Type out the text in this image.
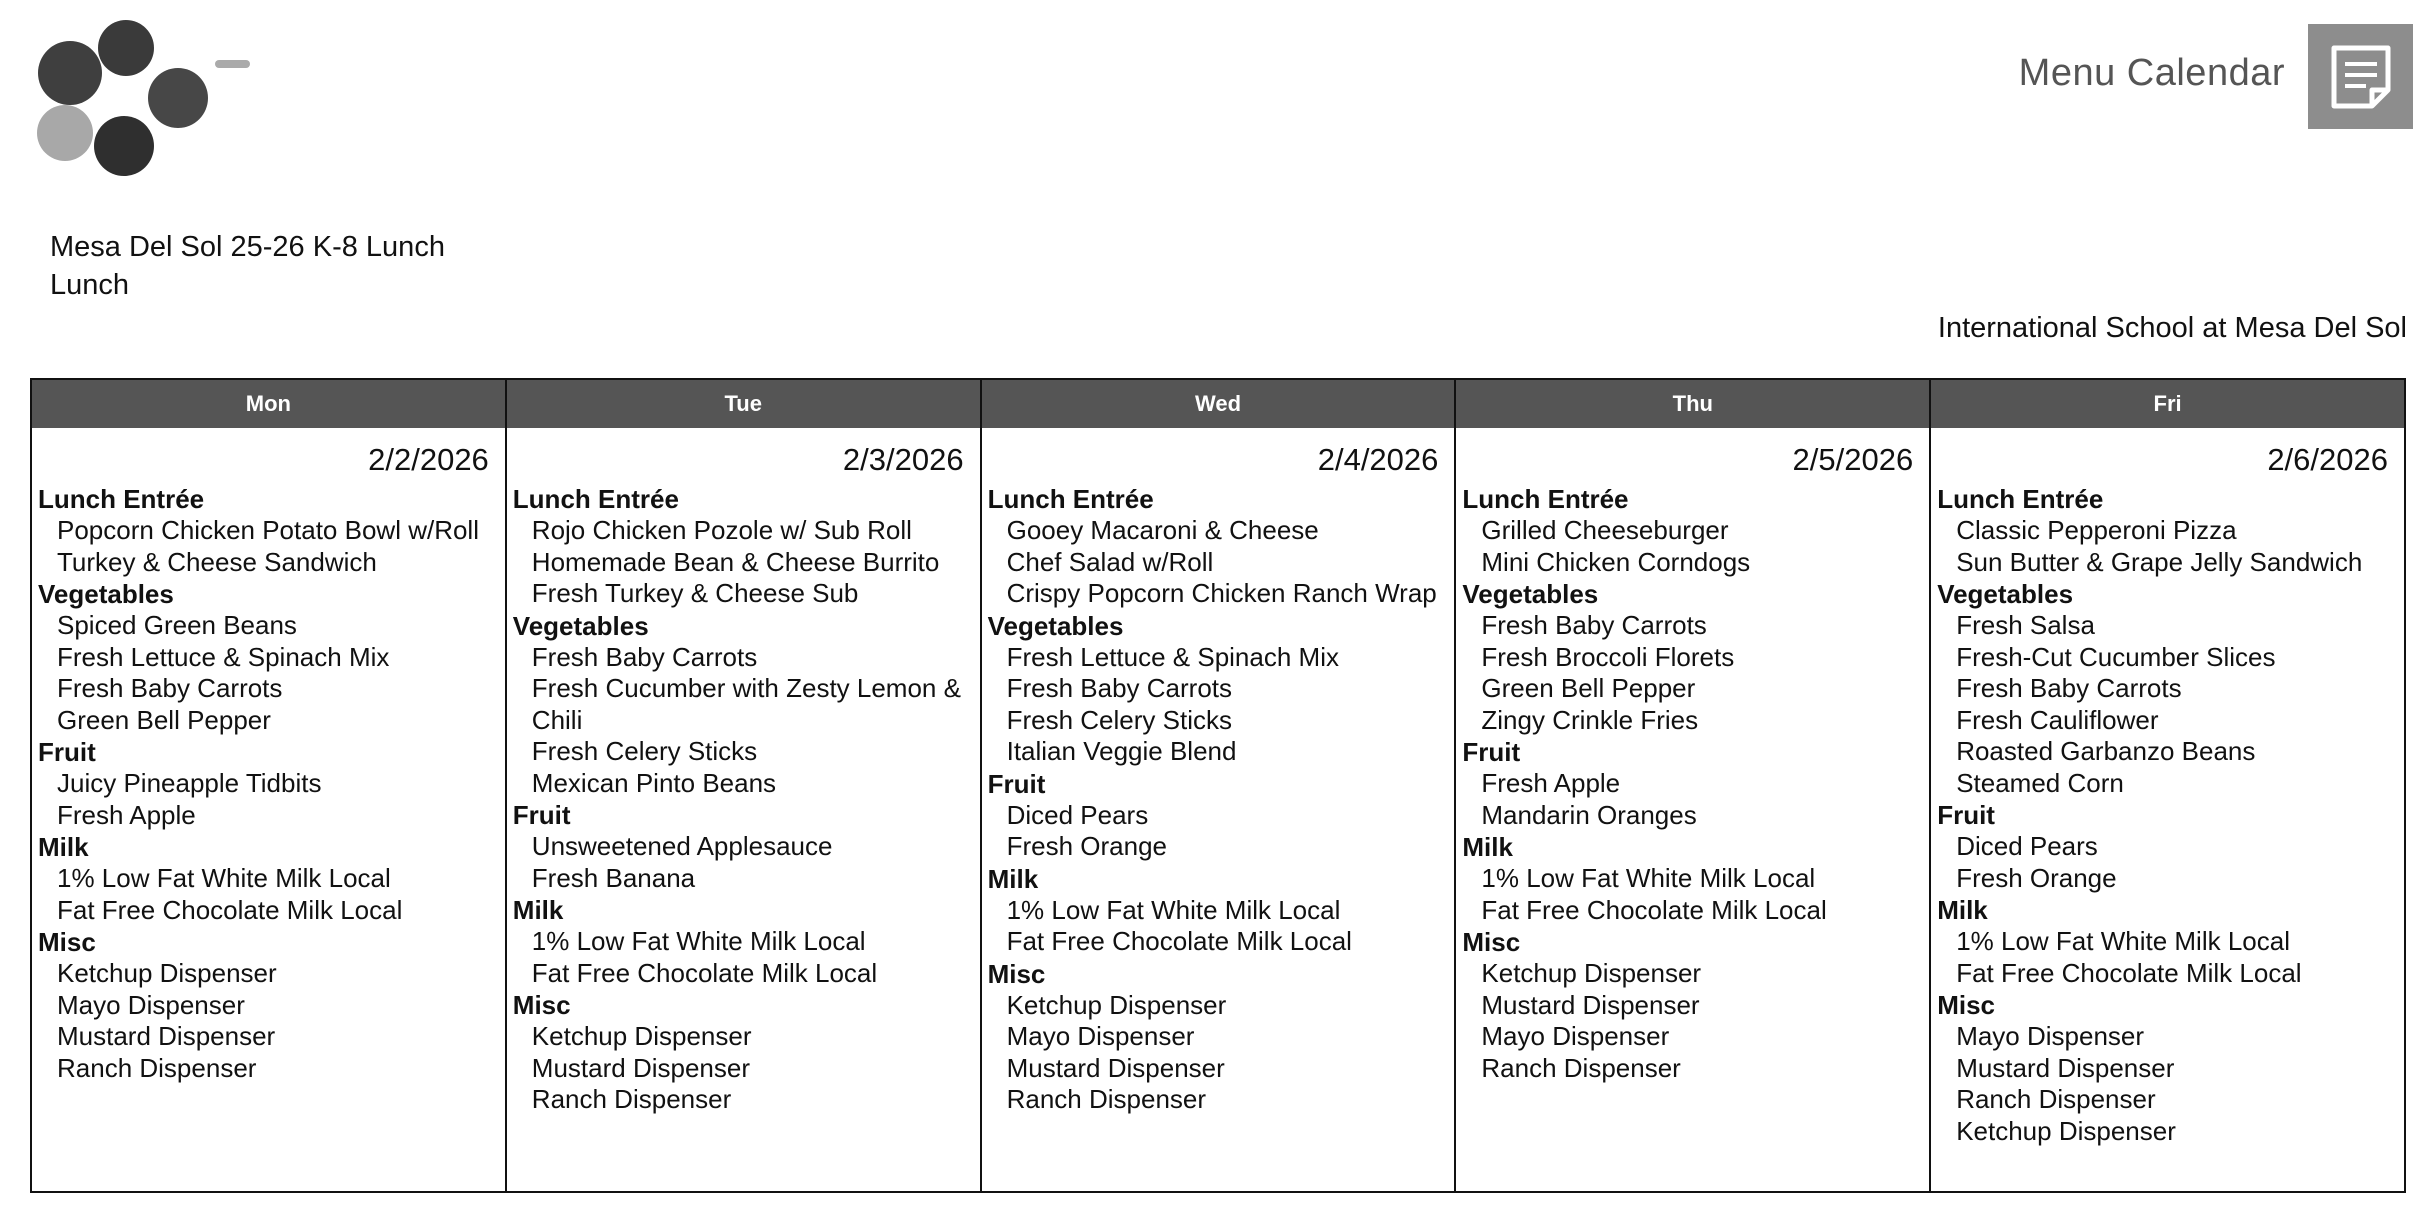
Menu Calendar
Mesa Del Sol 25-26 K-8 Lunch
Lunch
International School at Mesa Del Sol
Mon
2/2/2026
Lunch Entrée
Popcorn Chicken Potato Bowl w/Roll
Turkey & Cheese Sandwich
Vegetables
Spiced Green Beans
Fresh Lettuce & Spinach Mix
Fresh Baby Carrots
Green Bell Pepper
Fruit
Juicy Pineapple Tidbits
Fresh Apple
Milk
1% Low Fat White Milk Local
Fat Free Chocolate Milk Local
Misc
Ketchup Dispenser
Mayo Dispenser
Mustard Dispenser
Ranch Dispenser
Tue
2/3/2026
Lunch Entrée
Rojo Chicken Pozole w/ Sub Roll
Homemade Bean & Cheese Burrito
Fresh Turkey & Cheese Sub
Vegetables
Fresh Baby Carrots
Fresh Cucumber with Zesty Lemon & Chili
Fresh Celery Sticks
Mexican Pinto Beans
Fruit
Unsweetened Applesauce
Fresh Banana
Milk
1% Low Fat White Milk Local
Fat Free Chocolate Milk Local
Misc
Ketchup Dispenser
Mustard Dispenser
Ranch Dispenser
Wed
2/4/2026
Lunch Entrée
Gooey Macaroni & Cheese
Chef Salad w/Roll
Crispy Popcorn Chicken Ranch Wrap
Vegetables
Fresh Lettuce & Spinach Mix
Fresh Baby Carrots
Fresh Celery Sticks
Italian Veggie Blend
Fruit
Diced Pears
Fresh Orange
Milk
1% Low Fat White Milk Local
Fat Free Chocolate Milk Local
Misc
Ketchup Dispenser
Mayo Dispenser
Mustard Dispenser
Ranch Dispenser
Thu
2/5/2026
Lunch Entrée
Grilled Cheeseburger
Mini Chicken Corndogs
Vegetables
Fresh Baby Carrots
Fresh Broccoli Florets
Green Bell Pepper
Zingy Crinkle Fries
Fruit
Fresh Apple
Mandarin Oranges
Milk
1% Low Fat White Milk Local
Fat Free Chocolate Milk Local
Misc
Ketchup Dispenser
Mustard Dispenser
Mayo Dispenser
Ranch Dispenser
Fri
2/6/2026
Lunch Entrée
Classic Pepperoni Pizza
Sun Butter & Grape Jelly Sandwich
Vegetables
Fresh Salsa
Fresh-Cut Cucumber Slices
Fresh Baby Carrots
Fresh Cauliflower
Roasted Garbanzo Beans
Steamed Corn
Fruit
Diced Pears
Fresh Orange
Milk
1% Low Fat White Milk Local
Fat Free Chocolate Milk Local
Misc
Mayo Dispenser
Mustard Dispenser
Ranch Dispenser
Ketchup Dispenser
